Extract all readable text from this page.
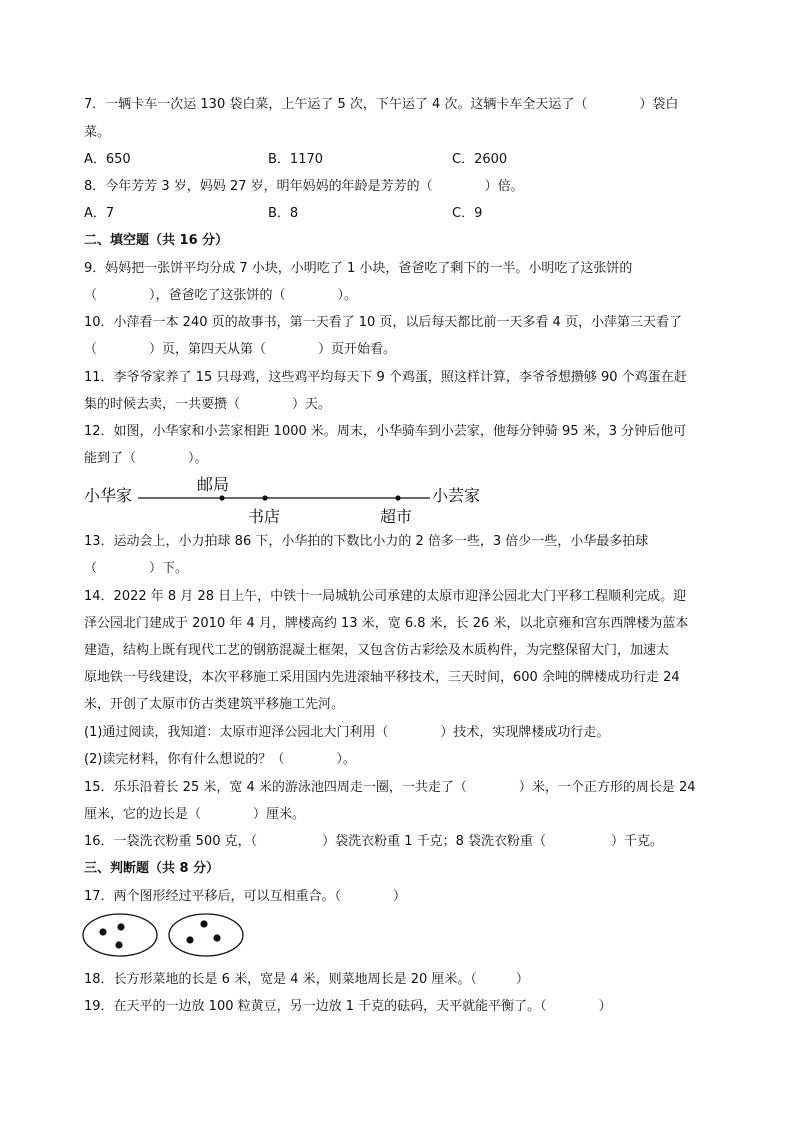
7．一辆卡车一次运 130 袋白菜，上午运了 5 次，下午运了 4 次。这辆卡车全天运了（　　　　）袋白
菜。
A．650	B．1170	C．2600
8．今年芳芳 3 岁，妈妈 27 岁，明年妈妈的年龄是芳芳的（　　　　）倍。
A．7	B．8	C．9
二、填空题（共 16 分）
9．妈妈把一张饼平均分成 7 小块，小明吃了 1 小块，爸爸吃了剩下的一半。小明吃了这张饼的
（　　　　），爸爸吃了这张饼的（　　　　）。
10．小萍看一本 240 页的故事书，第一天看了 10 页，以后每天都比前一天多看 4 页，小萍第三天看了
（　　　　）页，第四天从第（　　　　）页开始看。
11．李爷爷家养了 15 只母鸡，这些鸡平均每天下 9 个鸡蛋，照这样计算，李爷爷想攒够 90 个鸡蛋在赶
集的时候去卖，一共要攒（　　　　）天。
12．如图，小华家和小芸家相距 1000 米。周末，小华骑车到小芸家，他每分钟骑 95 米，3 分钟后他可
能到了（　　　　）。
小华家
邮局
书店	超市
小芸家
13．运动会上，小力拍球 86 下，小华拍的下数比小力的 2 倍多一些，3 倍少一些，小华最多拍球
（　　　　）下。
14．2022 年 8 月 28 日上午，中铁十一局城轨公司承建的太原市迎泽公园北大门平移工程顺利完成。迎
泽公园北门建成于 2010 年 4 月，牌楼高约 13 米，宽 6.8 米，长 26 米，以北京雍和宫东西牌楼为蓝本
建造，结构上既有现代工艺的钢筋混凝土框架，又包含仿古彩绘及木质构件，为完整保留大门，加速太
原地铁一号线建设，本次平移施工采用国内先进滚轴平移技术，三天时间，600 余吨的牌楼成功行走 24
米，开创了太原市仿古类建筑平移施工先河。
(1)通过阅读，我知道：太原市迎泽公园北大门利用（　　　　）技术，实现牌楼成功行走。
(2)读完材料，你有什么想说的？（　　　　）。
15．乐乐沿着长 25 米，宽 4 米的游泳池四周走一圈，一共走了（　　　　）米，一个正方形的周长是 24
厘米，它的边长是（　　　　）厘米。
16．一袋洗衣粉重 500 克，（　　　　　）袋洗衣粉重 1 千克；8 袋洗衣粉重（　　　　　）千克。
三、判断题（共 8 分）
17．两个图形经过平移后，可以互相重合。（　　　　）
18．长方形菜地的长是 6 米，宽是 4 米，则菜地周长是 20 厘米。（　　　）
19．在天平的一边放 100 粒黄豆，另一边放 1 千克的砝码，天平就能平衡了。（　　　　）
